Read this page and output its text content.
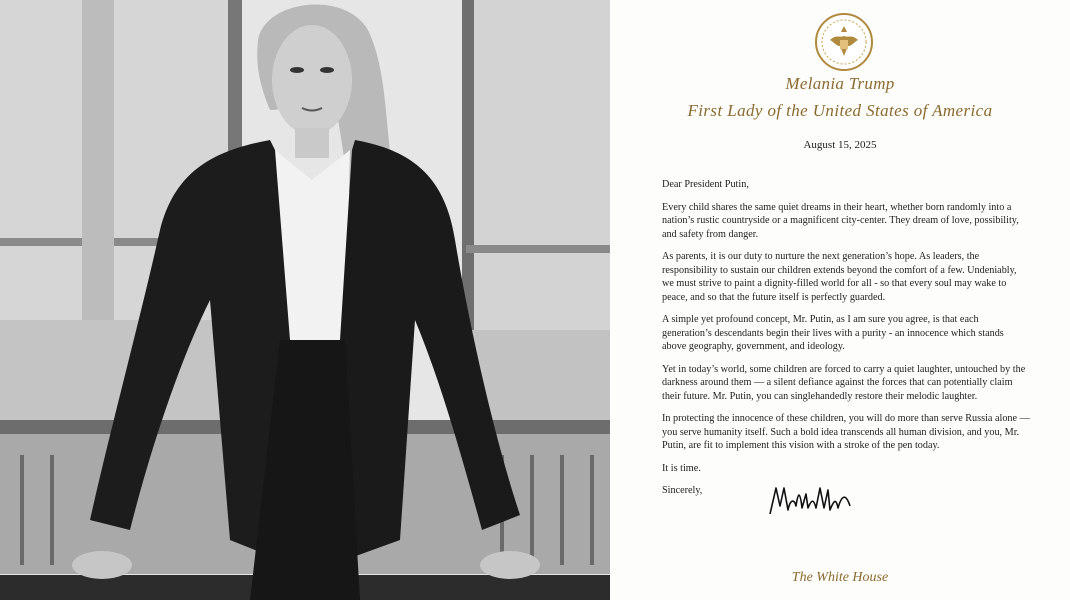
Melania Trump
First Lady of the United States of America
August 15, 2025

Dear President Putin,

Every child shares the same quiet dreams in their heart, whether born randomly into a nation’s rustic countryside or a magnificent city-center. They dream of love, possibility, and safety from danger.

As parents, it is our duty to nurture the next generation’s hope. As leaders, the responsibility to sustain our children extends beyond the comfort of a few. Undeniably, we must strive to paint a dignity-filled world for all - so that every soul may wake to peace, and so that the future itself is perfectly guarded.

A simple yet profound concept, Mr. Putin, as I am sure you agree, is that each generation’s descendants begin their lives with a purity - an innocence which stands above geography, government, and ideology.

Yet in today’s world, some children are forced to carry a quiet laughter, untouched by the darkness around them — a silent defiance against the forces that can potentially claim their future. Mr. Putin, you can singlehandedly restore their melodic laughter.

In protecting the innocence of these children, you will do more than serve Russia alone — you serve humanity itself. Such a bold idea transcends all human division, and you, Mr. Putin, are fit to implement this vision with a stroke of the pen today.

It is time.

Sincerely,
The White House
